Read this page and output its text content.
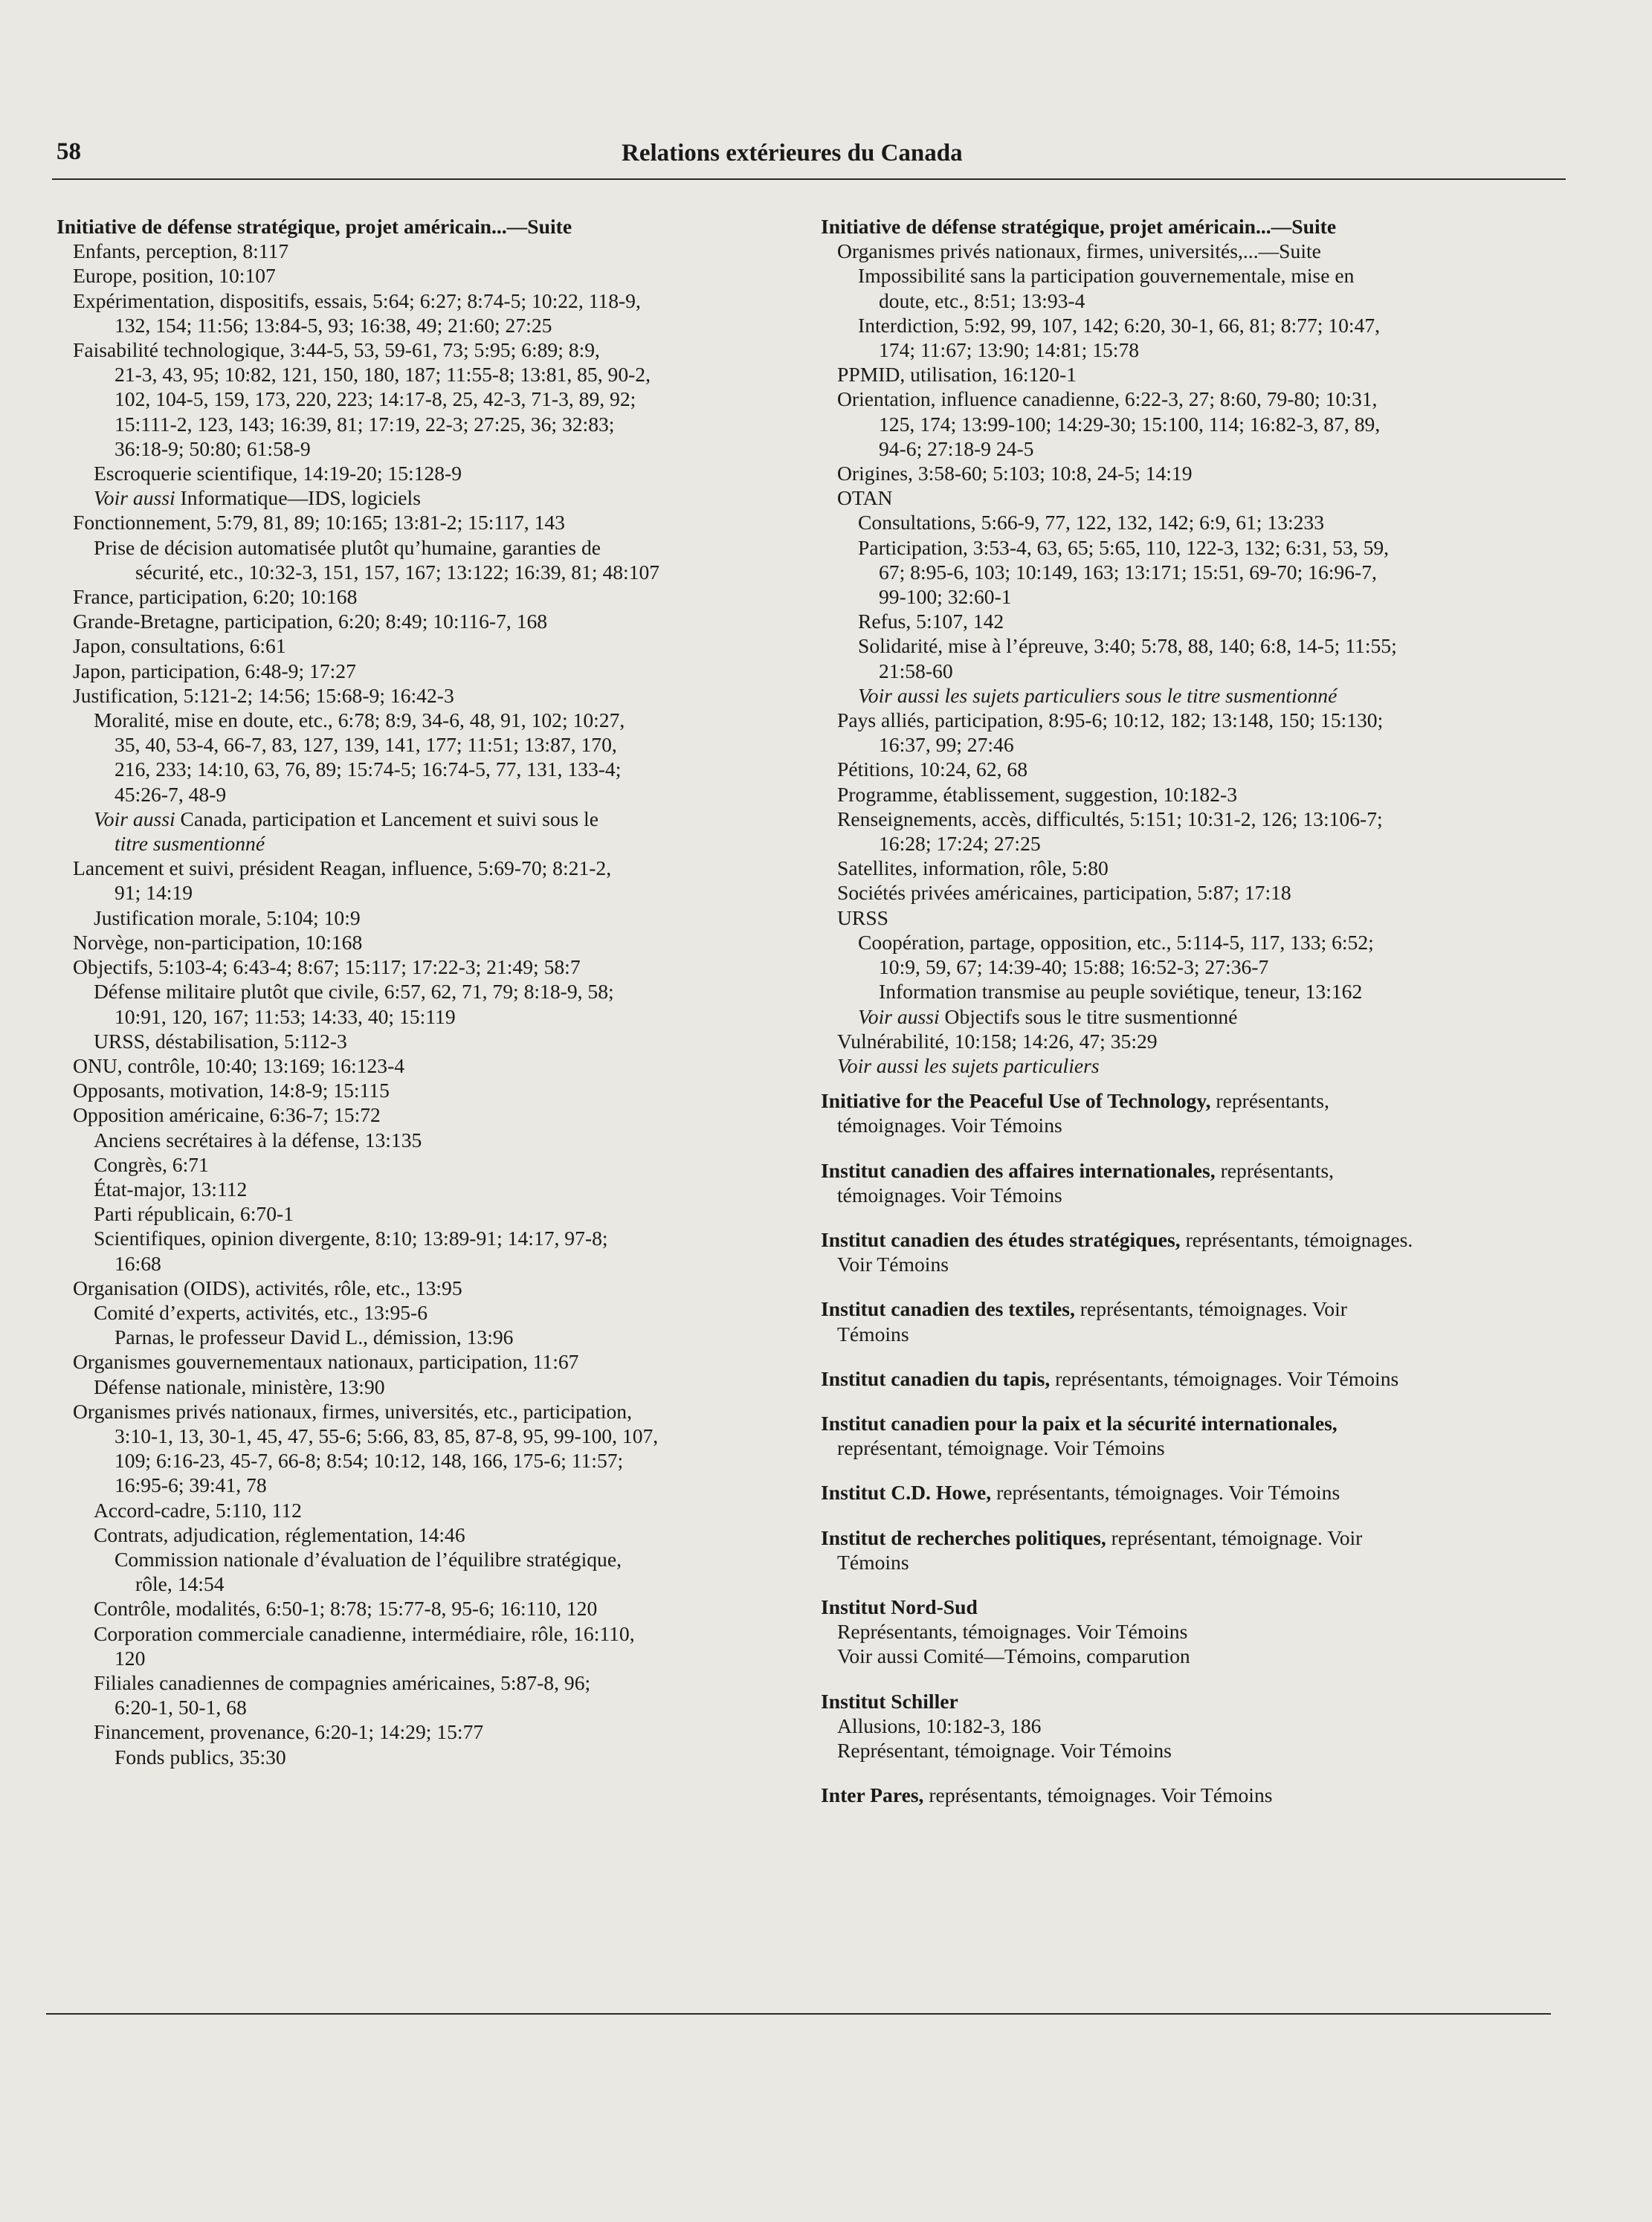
58	Relations extérieures du Canada
Initiative de défense stratégique, projet américain...—Suite
Enfants, perception, 8:117
Europe, position, 10:107
Expérimentation, dispositifs, essais, 5:64; 6:27; 8:74-5; 10:22, 118-9,
132, 154; 11:56; 13:84-5, 93; 16:38, 49; 21:60; 27:25
Faisabilité technologique, 3:44-5, 53, 59-61, 73; 5:95; 6:89; 8:9,
21-3, 43, 95; 10:82, 121, 150, 180, 187; 11:55-8; 13:81, 85, 90-2,
102, 104-5, 159, 173, 220, 223; 14:17-8, 25, 42-3, 71-3, 89, 92;
15:111-2, 123, 143; 16:39, 81; 17:19, 22-3; 27:25, 36; 32:83;
36:18-9; 50:80; 61:58-9
Escroquerie scientifique, 14:19-20; 15:128-9
Voir aussi Informatique—IDS, logiciels
Fonctionnement, 5:79, 81, 89; 10:165; 13:81-2; 15:117, 143
Prise de décision automatisée plutôt qu’humaine, garanties de
sécurité, etc., 10:32-3, 151, 157, 167; 13:122; 16:39, 81; 48:107
France, participation, 6:20; 10:168
Grande-Bretagne, participation, 6:20; 8:49; 10:116-7, 168
Japon, consultations, 6:61
Japon, participation, 6:48-9; 17:27
Justification, 5:121-2; 14:56; 15:68-9; 16:42-3
Moralité, mise en doute, etc., 6:78; 8:9, 34-6, 48, 91, 102; 10:27,
35, 40, 53-4, 66-7, 83, 127, 139, 141, 177; 11:51; 13:87, 170,
216, 233; 14:10, 63, 76, 89; 15:74-5; 16:74-5, 77, 131, 133-4;
45:26-7, 48-9
Voir aussi Canada, participation et Lancement et suivi sous le
titre susmentionné
Lancement et suivi, président Reagan, influence, 5:69-70; 8:21-2,
91; 14:19
Justification morale, 5:104; 10:9
Norvège, non-participation, 10:168
Objectifs, 5:103-4; 6:43-4; 8:67; 15:117; 17:22-3; 21:49; 58:7
Défense militaire plutôt que civile, 6:57, 62, 71, 79; 8:18-9, 58;
10:91, 120, 167; 11:53; 14:33, 40; 15:119
URSS, déstabilisation, 5:112-3
ONU, contrôle, 10:40; 13:169; 16:123-4
Opposants, motivation, 14:8-9; 15:115
Opposition américaine, 6:36-7; 15:72
Anciens secrétaires à la défense, 13:135
Congrès, 6:71
État-major, 13:112
Parti républicain, 6:70-1
Scientifiques, opinion divergente, 8:10; 13:89-91; 14:17, 97-8;
16:68
Organisation (OIDS), activités, rôle, etc., 13:95
Comité d’experts, activités, etc., 13:95-6
Parnas, le professeur David L., démission, 13:96
Organismes gouvernementaux nationaux, participation, 11:67
Défense nationale, ministère, 13:90
Organismes privés nationaux, firmes, universités, etc., participation,
3:10-1, 13, 30-1, 45, 47, 55-6; 5:66, 83, 85, 87-8, 95, 99-100, 107,
109; 6:16-23, 45-7, 66-8; 8:54; 10:12, 148, 166, 175-6; 11:57;
16:95-6; 39:41, 78
Accord-cadre, 5:110, 112
Contrats, adjudication, réglementation, 14:46
Commission nationale d’évaluation de l’équilibre stratégique,
rôle, 14:54
Contrôle, modalités, 6:50-1; 8:78; 15:77-8, 95-6; 16:110, 120
Corporation commerciale canadienne, intermédiaire, rôle, 16:110,
120
Filiales canadiennes de compagnies américaines, 5:87-8, 96;
6:20-1, 50-1, 68
Financement, provenance, 6:20-1; 14:29; 15:77
Fonds publics, 35:30
Initiative de défense stratégique, projet américain...—Suite
Organismes privés nationaux, firmes, universités,...—Suite
Impossibilité sans la participation gouvernementale, mise en
doute, etc., 8:51; 13:93-4
Interdiction, 5:92, 99, 107, 142; 6:20, 30-1, 66, 81; 8:77; 10:47,
174; 11:67; 13:90; 14:81; 15:78
PPMID, utilisation, 16:120-1
Orientation, influence canadienne, 6:22-3, 27; 8:60, 79-80; 10:31,
125, 174; 13:99-100; 14:29-30; 15:100, 114; 16:82-3, 87, 89,
94-6; 27:18-9 24-5
Origines, 3:58-60; 5:103; 10:8, 24-5; 14:19
OTAN
Consultations, 5:66-9, 77, 122, 132, 142; 6:9, 61; 13:233
Participation, 3:53-4, 63, 65; 5:65, 110, 122-3, 132; 6:31, 53, 59,
67; 8:95-6, 103; 10:149, 163; 13:171; 15:51, 69-70; 16:96-7,
99-100; 32:60-1
Refus, 5:107, 142
Solidarité, mise à l’épreuve, 3:40; 5:78, 88, 140; 6:8, 14-5; 11:55;
21:58-60
Voir aussi les sujets particuliers sous le titre susmentionné
Pays alliés, participation, 8:95-6; 10:12, 182; 13:148, 150; 15:130;
16:37, 99; 27:46
Pétitions, 10:24, 62, 68
Programme, établissement, suggestion, 10:182-3
Renseignements, accès, difficultés, 5:151; 10:31-2, 126; 13:106-7;
16:28; 17:24; 27:25
Satellites, information, rôle, 5:80
Sociétés privées américaines, participation, 5:87; 17:18
URSS
Coopération, partage, opposition, etc., 5:114-5, 117, 133; 6:52;
10:9, 59, 67; 14:39-40; 15:88; 16:52-3; 27:36-7
Information transmise au peuple soviétique, teneur, 13:162
Voir aussi Objectifs sous le titre susmentionné
Vulnérabilité, 10:158; 14:26, 47; 35:29
Voir aussi les sujets particuliers
Initiative for the Peaceful Use of Technology, représentants,
témoignages. Voir Témoins
Institut canadien des affaires internationales, représentants,
témoignages. Voir Témoins
Institut canadien des études stratégiques, représentants, témoignages.
Voir Témoins
Institut canadien des textiles, représentants, témoignages. Voir
Témoins
Institut canadien du tapis, représentants, témoignages. Voir Témoins
Institut canadien pour la paix et la sécurité internationales,
représentant, témoignage. Voir Témoins
Institut C.D. Howe, représentants, témoignages. Voir Témoins
Institut de recherches politiques, représentant, témoignage. Voir
Témoins
Institut Nord-Sud
Représentants, témoignages. Voir Témoins
Voir aussi Comité—Témoins, comparution
Institut Schiller
Allusions, 10:182-3, 186
Représentant, témoignage. Voir Témoins
Inter Pares, représentants, témoignages. Voir Témoins
